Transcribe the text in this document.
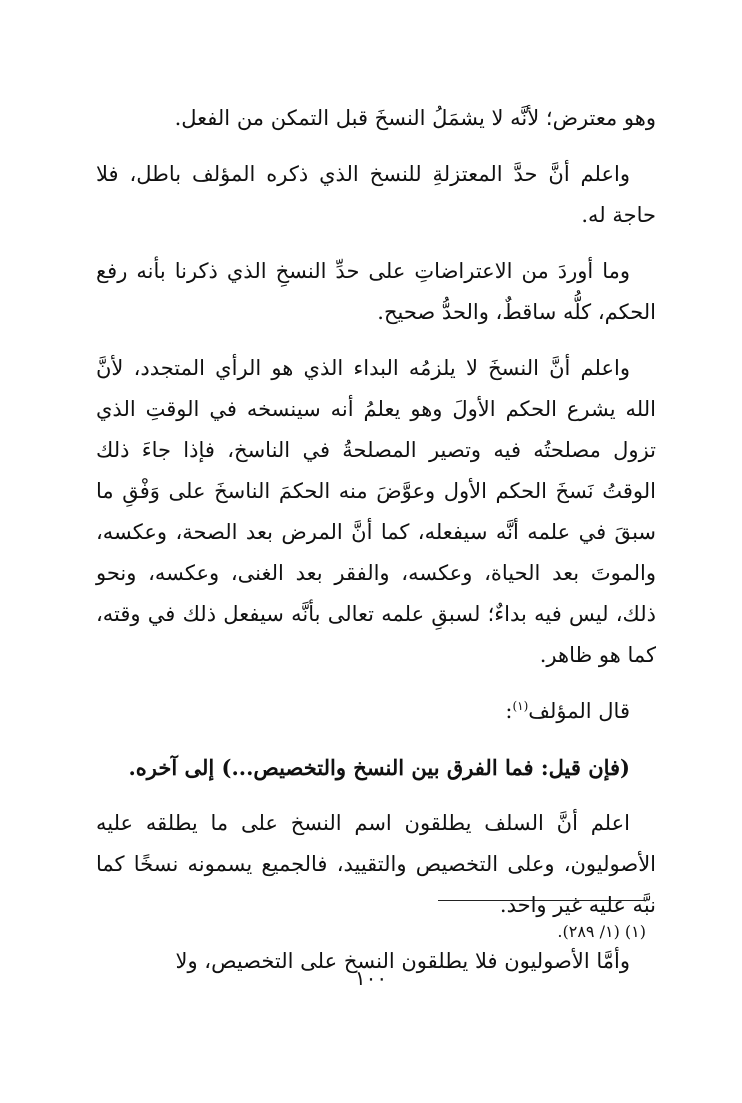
وهو معترض؛ لأنَّه لا يشمَلُ النسخَ قبل التمكن من الفعل.

واعلم أنَّ حدَّ المعتزلةِ للنسخ الذي ذكره المؤلف باطل، فلا حاجة له.

وما أوردَ من الاعتراضاتِ على حدِّ النسخِ الذي ذكرنا بأنه رفع الحكم، كلُّه ساقطٌ، والحدُّ صحيح.

واعلم أنَّ النسخَ لا يلزمُه البداء الذي هو الرأي المتجدد، لأنَّ الله يشرع الحكم الأولَ وهو يعلمُ أنه سينسخه في الوقتِ الذي تزول مصلحتُه فيه وتصير المصلحةُ في الناسخ، فإذا جاءَ ذلك الوقتُ نَسخَ الحكم الأول وعوَّضَ منه الحكمَ الناسخَ على وَفْقِ ما سبقَ في علمه أنَّه سيفعله، كما أنَّ المرض بعد الصحة، وعكسه، والموتَ بعد الحياة، وعكسه، والفقر بعد الغنى، وعكسه، ونحو ذلك، ليس فيه بداءٌ؛ لسبقِ علمه تعالى بأنَّه سيفعل ذلك في وقته، كما هو ظاهر.

قال المؤلف$^{(١)}$:

(فإن قيل: فما الفرق بين النسخ والتخصيص...) إلى آخره.

اعلم أنَّ السلف يطلقون اسم النسخ على ما يطلقه عليه الأصوليون، وعلى التخصيص والتقييد، فالجميع يسمونه نسخًا كما نبَّه عليه غير واحد.

وأمَّا الأصوليون فلا يطلقون النسخ على التخصيص، ولا

(١) (١/ ٢٨٩).
١٠٠
